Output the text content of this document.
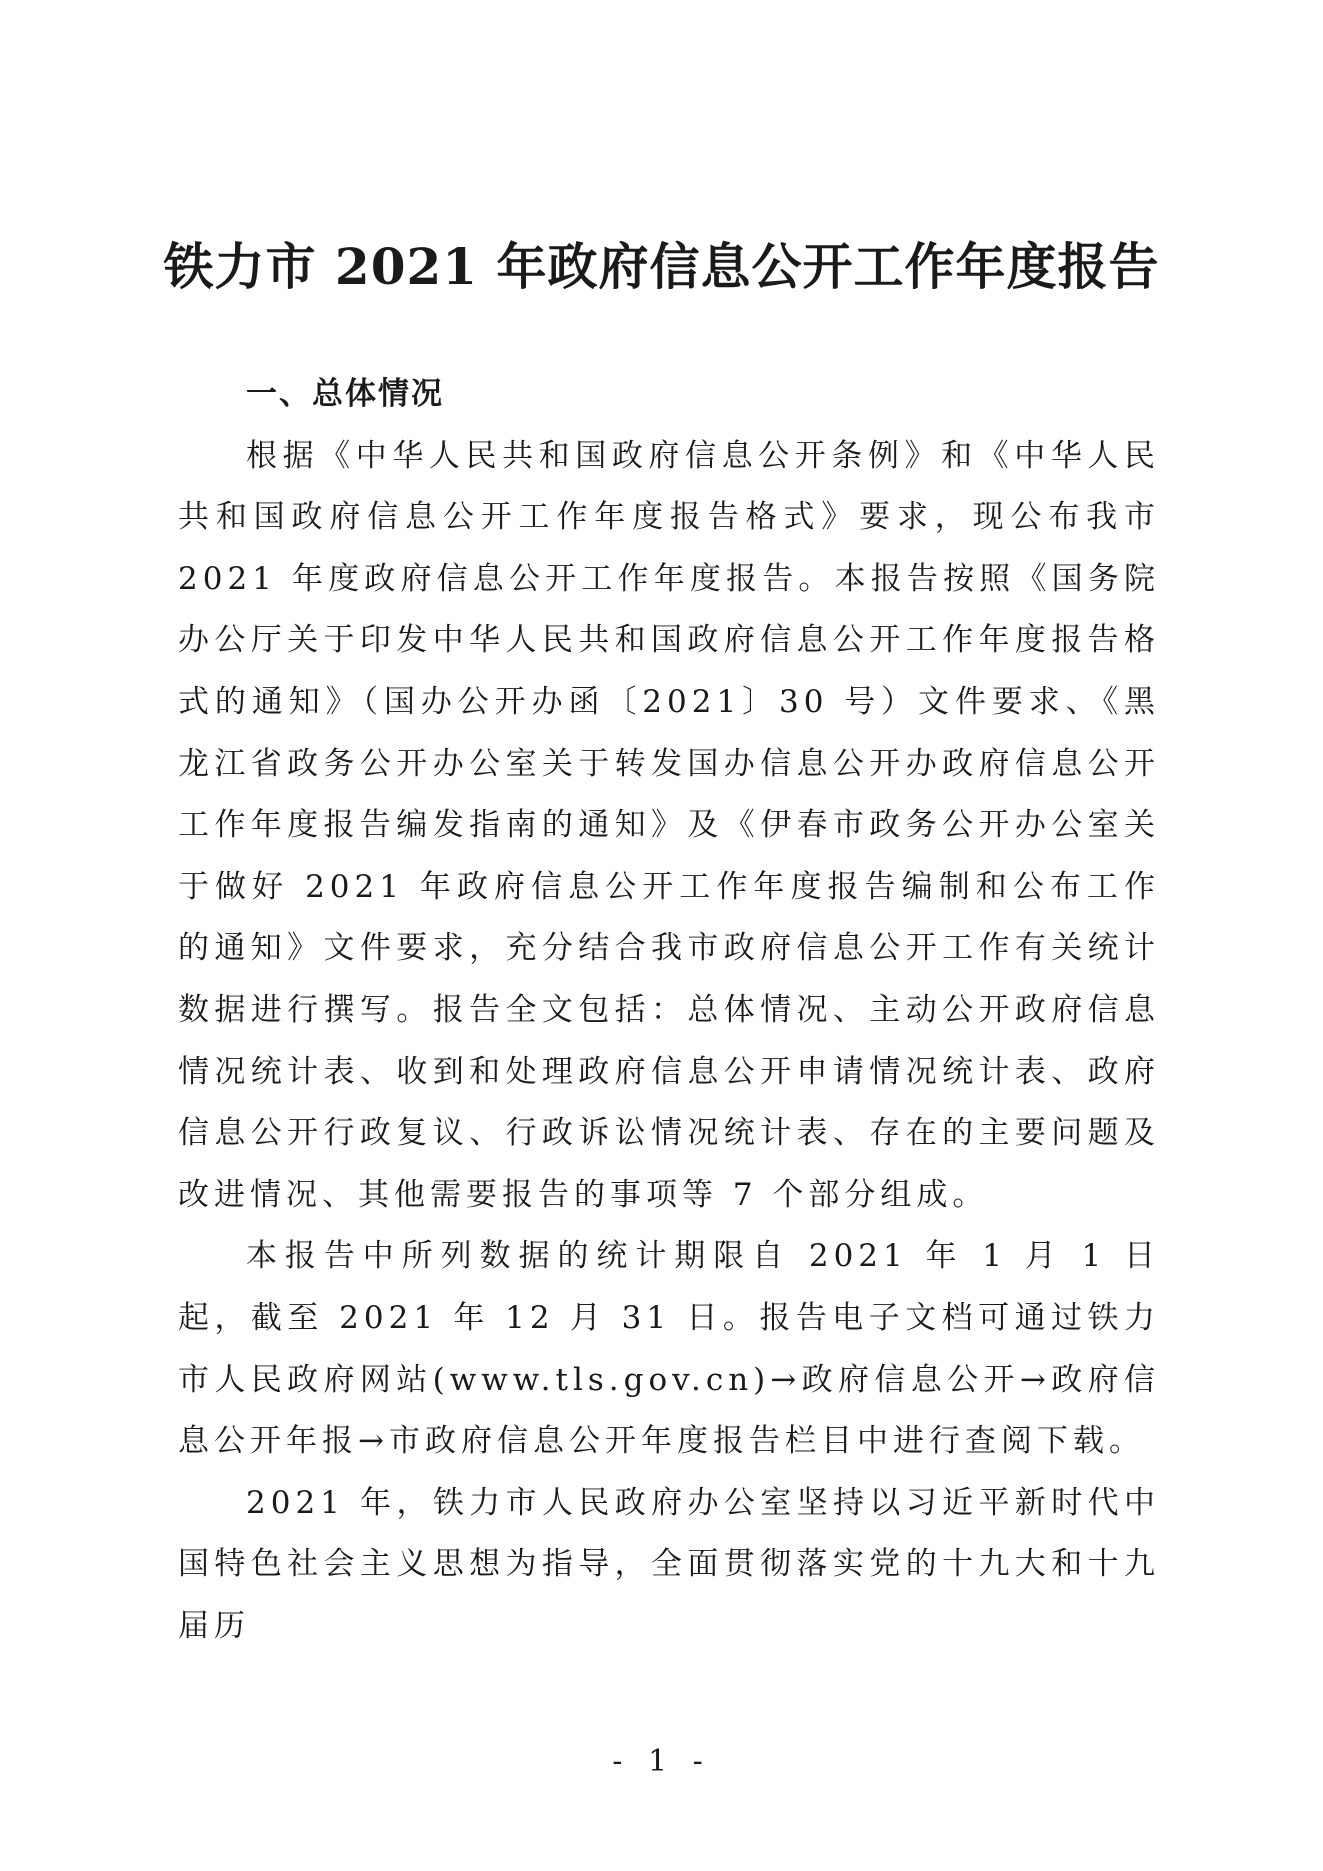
铁力市 2021 年政府信息公开工作年度报告

一、总体情况

根据《中华人民共和国政府信息公开条例》和《中华人民共和国政府信息公开工作年度报告格式》要求，现公布我市 2021 年度政府信息公开工作年度报告。本报告按照《国务院办公厅关于印发中华人民共和国政府信息公开工作年度报告格式的通知》（国办公开办函〔2021〕30 号）文件要求、《黑龙江省政务公开办公室关于转发国办信息公开办政府信息公开工作年度报告编发指南的通知》及《伊春市政务公开办公室关于做好 2021 年政府信息公开工作年度报告编制和公布工作的通知》文件要求，充分结合我市政府信息公开工作有关统计数据进行撰写。报告全文包括：总体情况、主动公开政府信息情况统计表、收到和处理政府信息公开申请情况统计表、政府信息公开行政复议、行政诉讼情况统计表、存在的主要问题及改进情况、其他需要报告的事项等 7 个部分组成。

本报告中所列数据的统计期限自 2021 年 1 月 1 日起，截至 2021 年 12 月 31 日。报告电子文档可通过铁力市人民政府网站(www.tls.gov.cn)→政府信息公开→政府信息公开年报→市政府信息公开年度报告栏目中进行查阅下载。

2021 年，铁力市人民政府办公室坚持以习近平新时代中国特色社会主义思想为指导，全面贯彻落实党的十九大和十九届历

- 1 -
